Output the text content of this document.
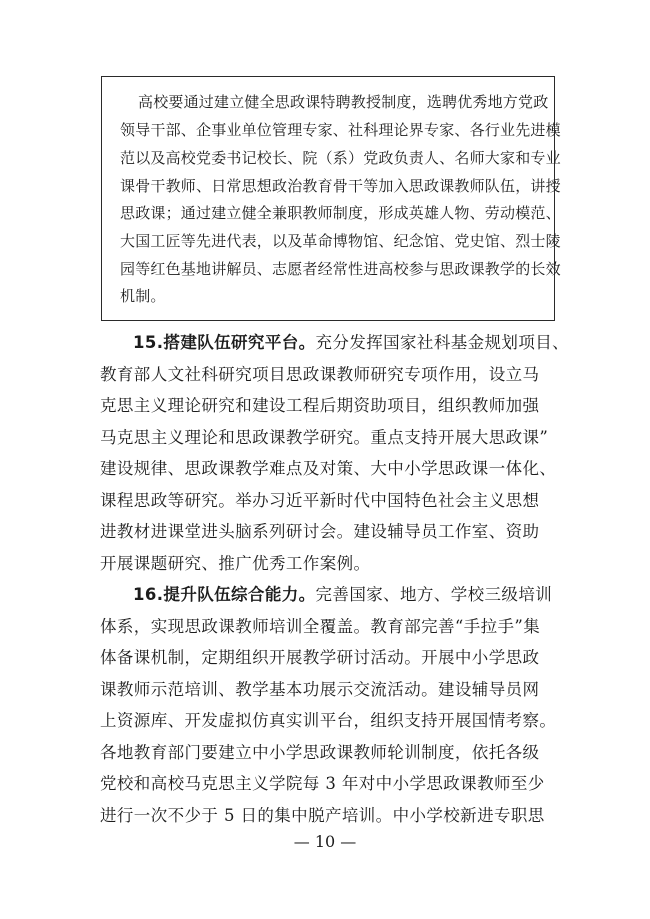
高校要通过建立健全思政课特聘教授制度，选聘优秀地方党政
领导干部、企事业单位管理专家、社科理论界专家、各行业先进模
范以及高校党委书记校长、院（系）党政负责人、名师大家和专业
课骨干教师、日常思想政治教育骨干等加入思政课教师队伍，讲授
思政课；通过建立健全兼职教师制度，形成英雄人物、劳动模范、
大国工匠等先进代表，以及革命博物馆、纪念馆、党史馆、烈士陵
园等红色基地讲解员、志愿者经常性进高校参与思政课教学的长效
机制。
15.搭建队伍研究平台。充分发挥国家社科基金规划项目、
教育部人文社科研究项目思政课教师研究专项作用，设立马
克思主义理论研究和建设工程后期资助项目，组织教师加强
马克思主义理论和思政课教学研究。重点支持开展大思政课”
建设规律、思政课教学难点及对策、大中小学思政课一体化、
课程思政等研究。举办习近平新时代中国特色社会主义思想
进教材进课堂进头脑系列研讨会。建设辅导员工作室、资助
开展课题研究、推广优秀工作案例。
16.提升队伍综合能力。完善国家、地方、学校三级培训
体系，实现思政课教师培训全覆盖。教育部完善“手拉手”集
体备课机制，定期组织开展教学研讨活动。开展中小学思政
课教师示范培训、教学基本功展示交流活动。建设辅导员网
上资源库、开发虚拟仿真实训平台，组织支持开展国情考察。
各地教育部门要建立中小学思政课教师轮训制度，依托各级
党校和高校马克思主义学院每 3 年对中小学思政课教师至少
进行一次不少于 5 日的集中脱产培训。中小学校新进专职思
— 10 —
